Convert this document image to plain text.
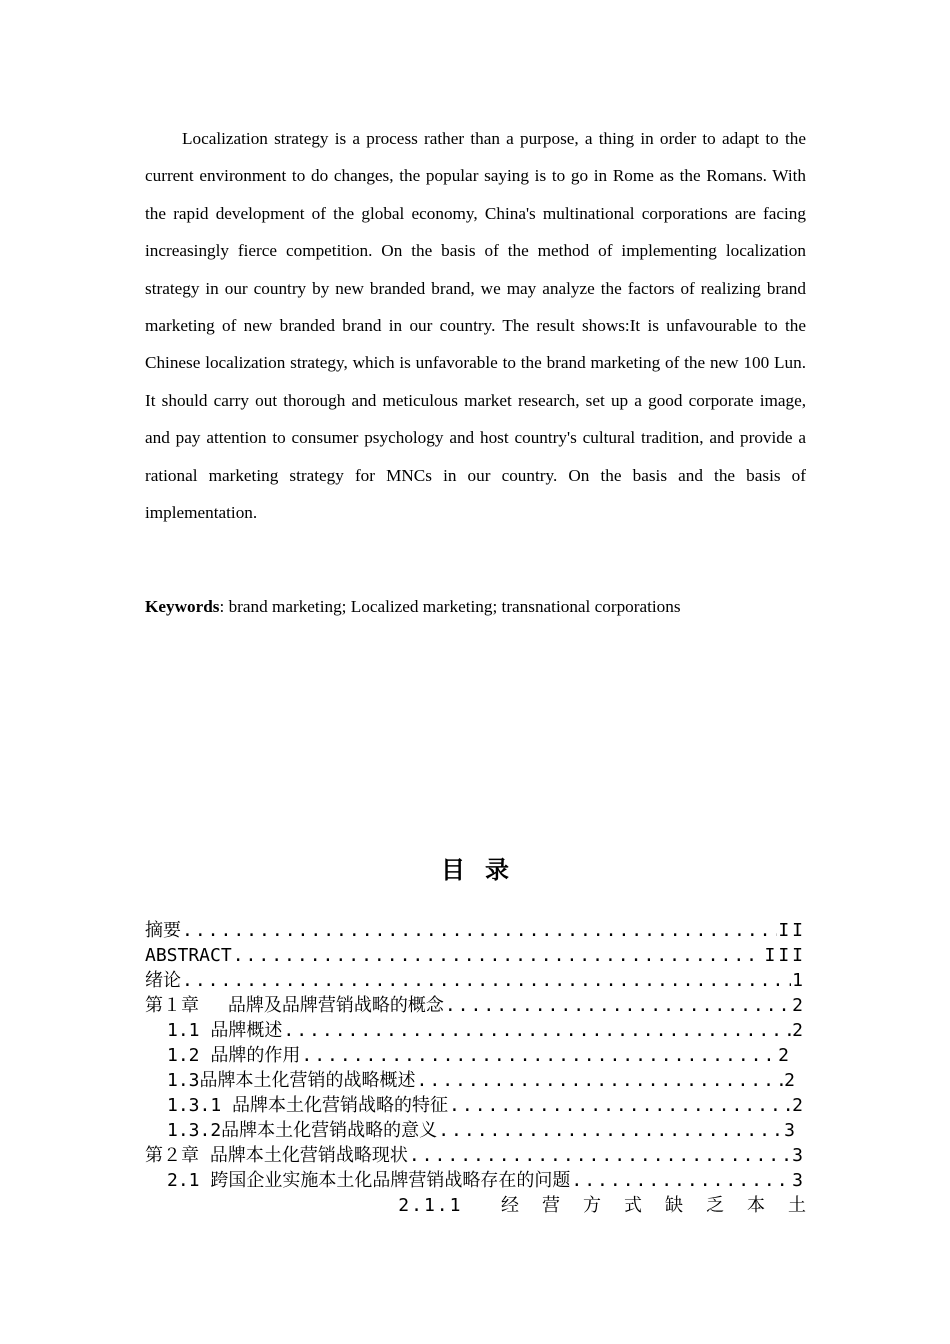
Localization strategy is a process rather than a purpose, a thing in order to adapt to the current environment to do changes, the popular saying is to go in Rome as the Romans. With the rapid development of the global economy, China's multinational corporations are facing increasingly fierce competition. On the basis of the method of implementing localization strategy in our country by new branded brand, we may analyze the factors of realizing brand marketing of new branded brand in our country. The result shows:It is unfavourable to the Chinese localization strategy, which is unfavorable to the brand marketing of the new 100 Lun. It should carry out thorough and meticulous market research, set up a good corporate image, and pay attention to consumer psychology and host country's cultural tradition, and provide a rational marketing strategy for MNCs in our country. On the basis and the basis of implementation.

Keywords: brand marketing; Localized marketing; transnational corporations

目录
摘要 .....	II
ABSTRACT .....	III
绪论 .....	1
第１章　 品牌及品牌营销战略的概念 .....	2
1.1 品牌概述 .....	2
1.2 品牌的作用 .....	2
1.3品牌本土化营销的战略概述 .....	2
1.3.1 品牌本土化营销战略的特征 .....	2
1.3.2品牌本土化营销战略的意义 .....	3
第２章 品牌本土化营销战略现状 .....	3
2.1 跨国企业实施本土化品牌营销战略存在的问题 .....	3

2.1.1 经营方式缺乏本土
